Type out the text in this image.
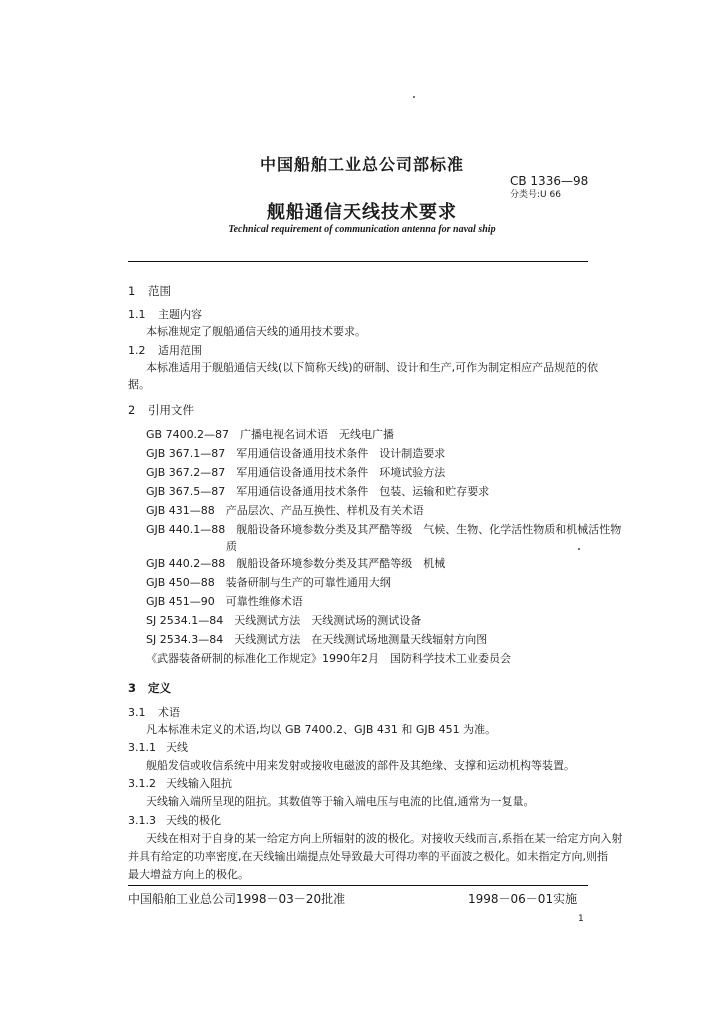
中国船舶工业总公司部标准
CB 1336—98
分类号:U 66
舰船通信天线技术要求
Technical requirement of communication antenna for naval ship
1 范围
1.1 主题内容
本标准规定了舰船通信天线的通用技术要求。
1.2 适用范围
本标准适用于舰船通信天线(以下简称天线)的研制、设计和生产,可作为制定相应产品规范的依
据。
2 引用文件
GB 7400.2—87　广播电视名词术语　无线电广播
GJB 367.1—87　军用通信设备通用技术条件　设计制造要求
GJB 367.2—87　军用通信设备通用技术条件　环境试验方法
GJB 367.5—87　军用通信设备通用技术条件　包装、运输和贮存要求
GJB 431—88　产品层次、产品互换性、样机及有关术语
GJB 440.1—88　舰船设备环境参数分类及其严酷等级　气候、生物、化学活性物质和机械活性物
质
GJB 440.2—88　舰船设备环境参数分类及其严酷等级　机械
GJB 450—88　装备研制与生产的可靠性通用大纲
GJB 451—90　可靠性维修术语
SJ 2534.1—84　天线测试方法　天线测试场的测试设备
SJ 2534.3—84　天线测试方法　在天线测试场地测量天线辐射方向图
《武器装备研制的标准化工作规定》1990年2月　国防科学技术工业委员会
3 定义
3.1 术语
凡本标准未定义的术语,均以 GB 7400.2、GJB 431 和 GJB 451 为准。
3.1.1 天线
舰船发信或收信系统中用来发射或接收电磁波的部件及其绝缘、支撑和运动机构等装置。
3.1.2 天线输入阻抗
天线输入端所呈现的阻抗。其数值等于输入端电压与电流的比值,通常为一复量。
3.1.3 天线的极化
天线在相对于自身的某一给定方向上所辐射的波的极化。对接收天线而言,系指在某一给定方向入射
并具有给定的功率密度,在天线输出端提点处导致最大可得功率的平面波之极化。如未指定方向,则指
最大增益方向上的极化。
中国船舶工业总公司1998－03－20批准	1998－06－01实施
1
